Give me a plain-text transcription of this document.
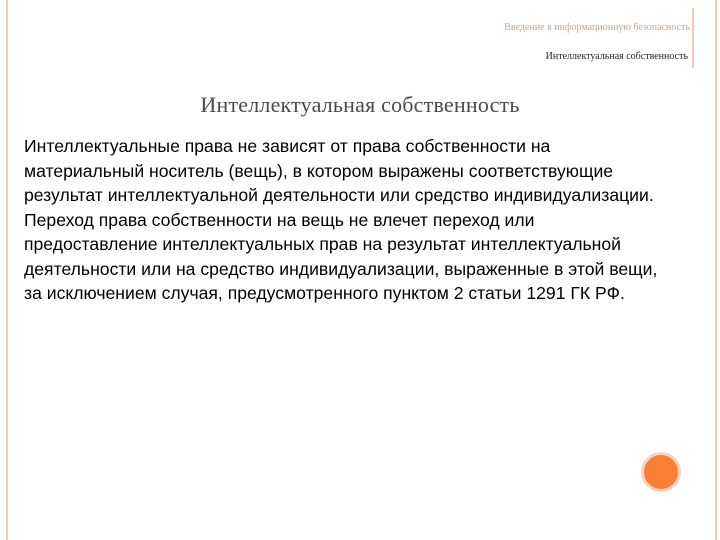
Введение в информационную безопасность
Интеллектуальная собственность
Интеллектуальная собственность

Интеллектуальные права не зависят от права собственности на материальный носитель (вещь), в котором выражены соответствующие результат интеллектуальной деятельности или средство индивидуализации.

Переход права собственности на вещь не влечет переход или предоставление интеллектуальных прав на результат интеллектуальной деятельности или на средство индивидуализации, выраженные в этой вещи, за исключением случая, предусмотренного пунктом 2 статьи 1291 ГК РФ.
